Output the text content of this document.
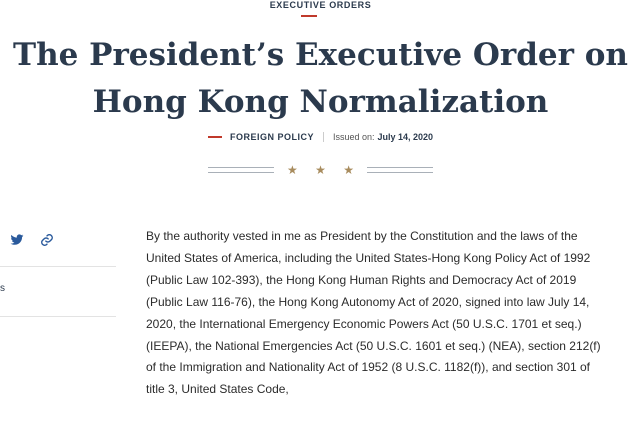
EXECUTIVE ORDERS
The President’s Executive Order on Hong Kong Normalization
FOREIGN POLICY Issued on: July 14, 2020
★ ★ ★
s

By the authority vested in me as President by the Constitution and the laws of the United States of America, including the United States-Hong Kong Policy Act of 1992 (Public Law 102-393), the Hong Kong Human Rights and Democracy Act of 2019 (Public Law 116-76), the Hong Kong Autonomy Act of 2020, signed into law July 14, 2020, the International Emergency Economic Powers Act (50 U.S.C. 1701 et seq.) (IEEPA), the National Emergencies Act (50 U.S.C. 1601 et seq.) (NEA), section 212(f) of the Immigration and Nationality Act of 1952 (8 U.S.C. 1182(f)), and section 301 of title 3, United States Code,
